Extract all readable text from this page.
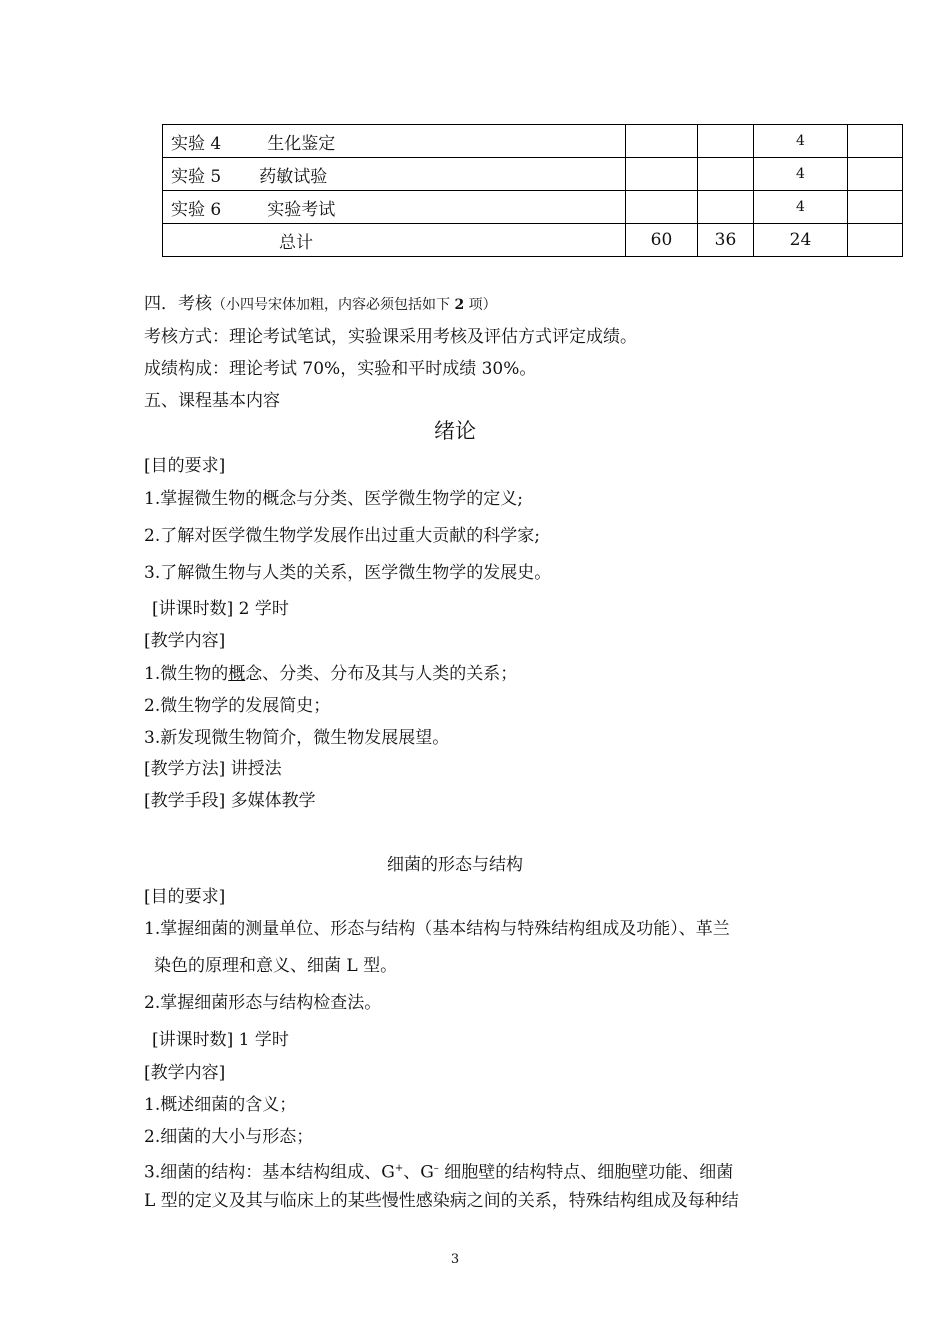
实验 4 生化鉴定			4	
实验 5 药敏试验			4	
实验 6 实验考试			4	
总计	60	36	24	
四．考核（小四号宋体加粗，内容必须包括如下 2 项）
考核方式：理论考试笔试，实验课采用考核及评估方式评定成绩。
成绩构成：理论考试 70%，实验和平时成绩 30%。
五、课程基本内容
绪论
[目的要求]
1.掌握微生物的概念与分类、医学微生物学的定义;
2.了解对医学微生物学发展作出过重大贡献的科学家;
3.了解微生物与人类的关系，医学微生物学的发展史。
[讲课时数] 2 学时
[教学内容]
1.微生物的概念、分类、分布及其与人类的关系；
2.微生物学的发展简史；
3.新发现微生物简介，微生物发展展望。
[教学方法] 讲授法
[教学手段] 多媒体教学
细菌的形态与结构
[目的要求]
1.掌握细菌的测量单位、形态与结构（基本结构与特殊结构组成及功能）、革兰
染色的原理和意义、细菌 L 型。
2.掌握细菌形态与结构检查法。
[讲课时数] 1 学时
[教学内容]
1.概述细菌的含义；
2.细菌的大小与形态；
3.细菌的结构：基本结构组成、G+、G– 细胞壁的结构特点、细胞壁功能、细菌
L 型的定义及其与临床上的某些慢性感染病之间的关系，特殊结构组成及每种结
3
